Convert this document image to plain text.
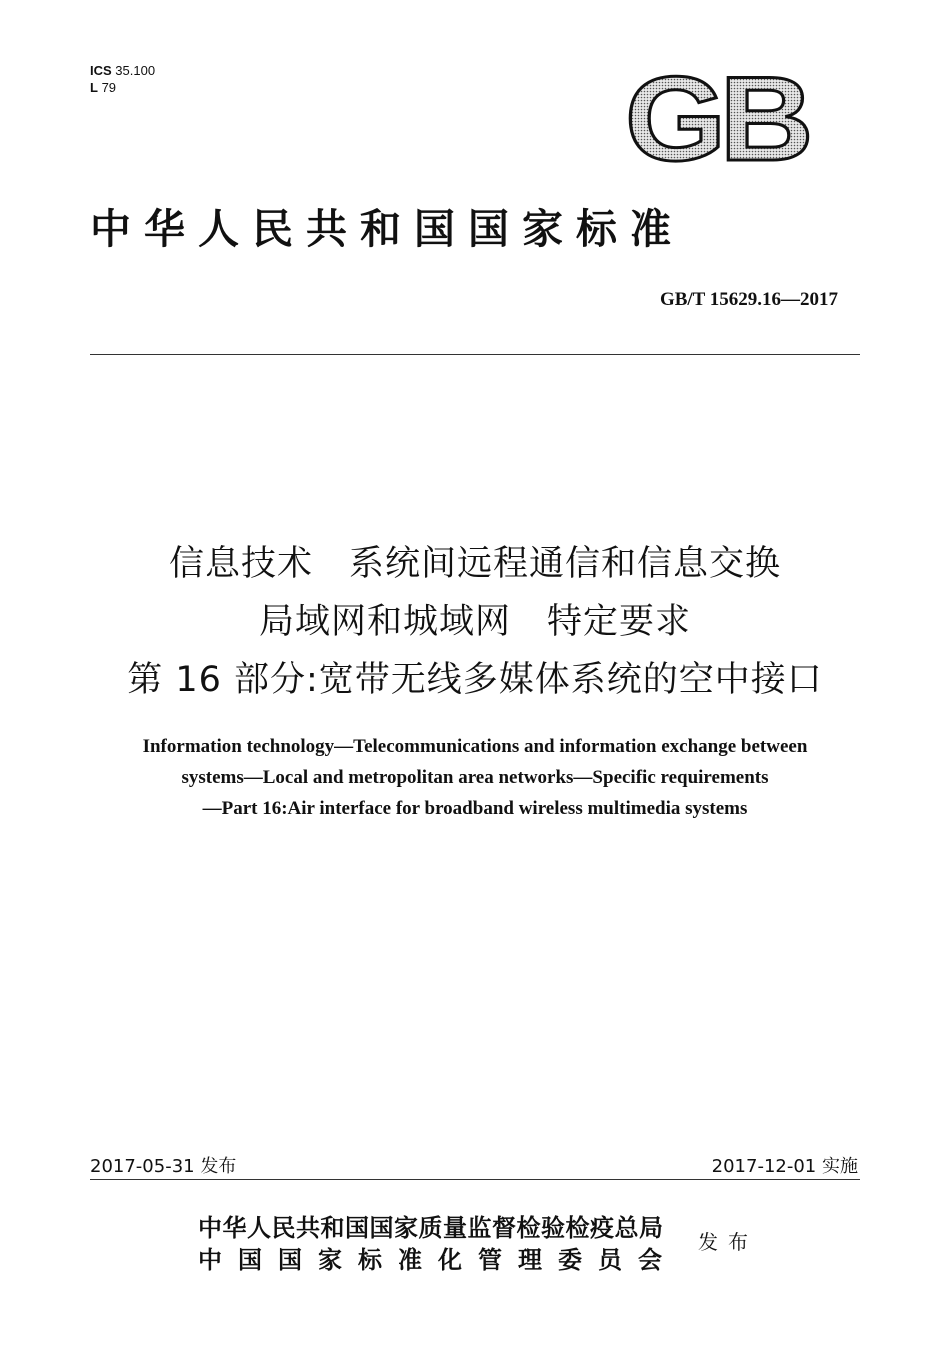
ICS 35.100
L 79	GB
中华人民共和国国家标准
GB/T 15629.16—2017
信息技术　系统间远程通信和信息交换
局域网和城域网　特定要求
第 16 部分:宽带无线多媒体系统的空中接口
Information technology—Telecommunications and information exchange between
systems—Local and metropolitan area networks—Specific requirements
—Part 16:Air interface for broadband wireless multimedia systems
2017-05-31 发布	2017-12-01 实施
中华人民共和国国家质量监督检验检疫总局
中国国家标准化管理委员会
发布
